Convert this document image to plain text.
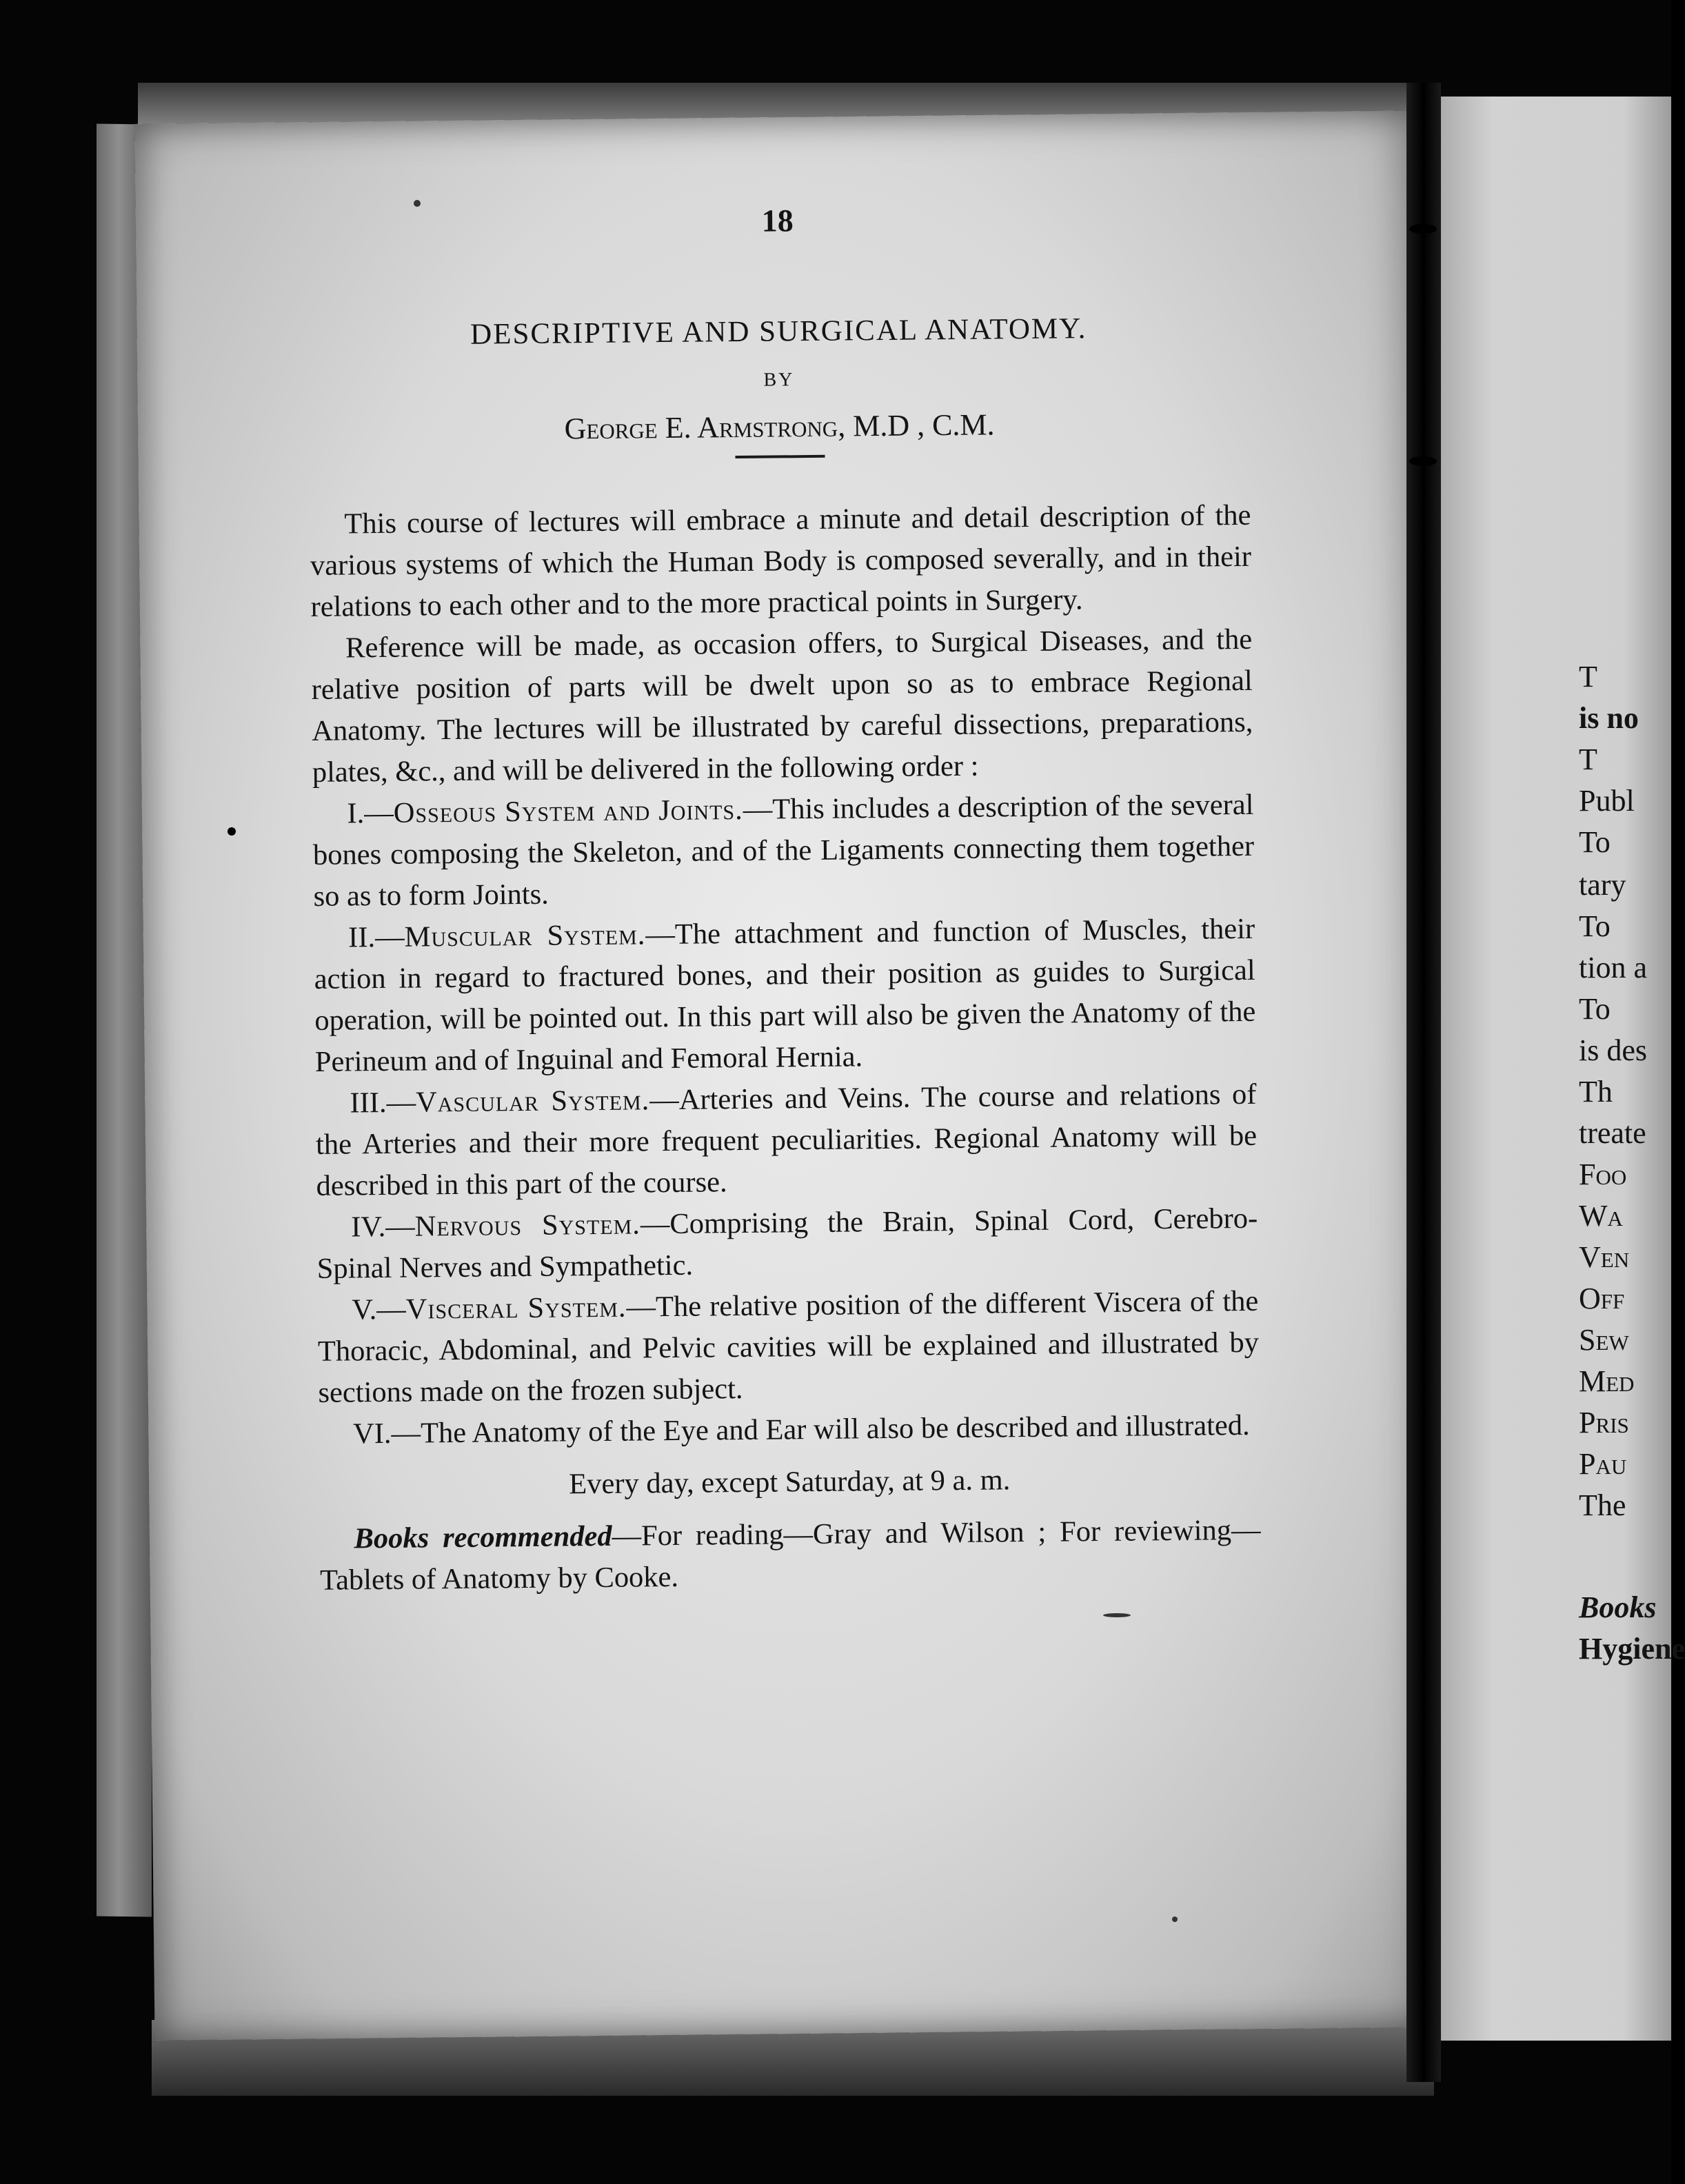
T
is no
T
Publ
To
tary
To
tion a
To
is des
Th
treate
Foo
Wa
Ven
Off
Sew
Med
Pris
Pau
The
Books
Hygiene
18
DESCRIPTIVE AND SURGICAL ANATOMY.
BY
George E. Armstrong, M.D , C.M.

This course of lectures will embrace a minute and detail description of the various systems of which the Human Body is composed severally, and in their relations to each other and to the more practical points in Surgery.

Reference will be made, as occasion offers, to Surgical Diseases, and the relative position of parts will be dwelt upon so as to embrace Regional Anatomy. The lectures will be illustrated by careful dissections, preparations, plates, &c., and will be delivered in the following order :

I.—Osseous System and Joints.—This includes a description of the several bones composing the Skeleton, and of the Ligaments connecting them together so as to form Joints.

II.—Muscular System.—The attachment and function of Muscles, their action in regard to fractured bones, and their position as guides to Surgical operation, will be pointed out. In this part will also be given the Anatomy of the Perineum and of Inguinal and Femoral Hernia.

III.—Vascular System.—Arteries and Veins. The course and relations of the Arteries and their more frequent peculiarities. Regional Anatomy will be described in this part of the course.

IV.—Nervous System.—Comprising the Brain, Spinal Cord, Cerebro-Spinal Nerves and Sympathetic.

V.—Visceral System.—The relative position of the different Viscera of the Thoracic, Abdominal, and Pelvic cavities will be explained and illustrated by sections made on the frozen subject.

VI.—The Anatomy of the Eye and Ear will also be described and illustrated.

Every day, except Saturday, at 9 a. m.

Books recommended—For reading—Gray and Wilson ; For reviewing—Tablets of Anatomy by Cooke.
